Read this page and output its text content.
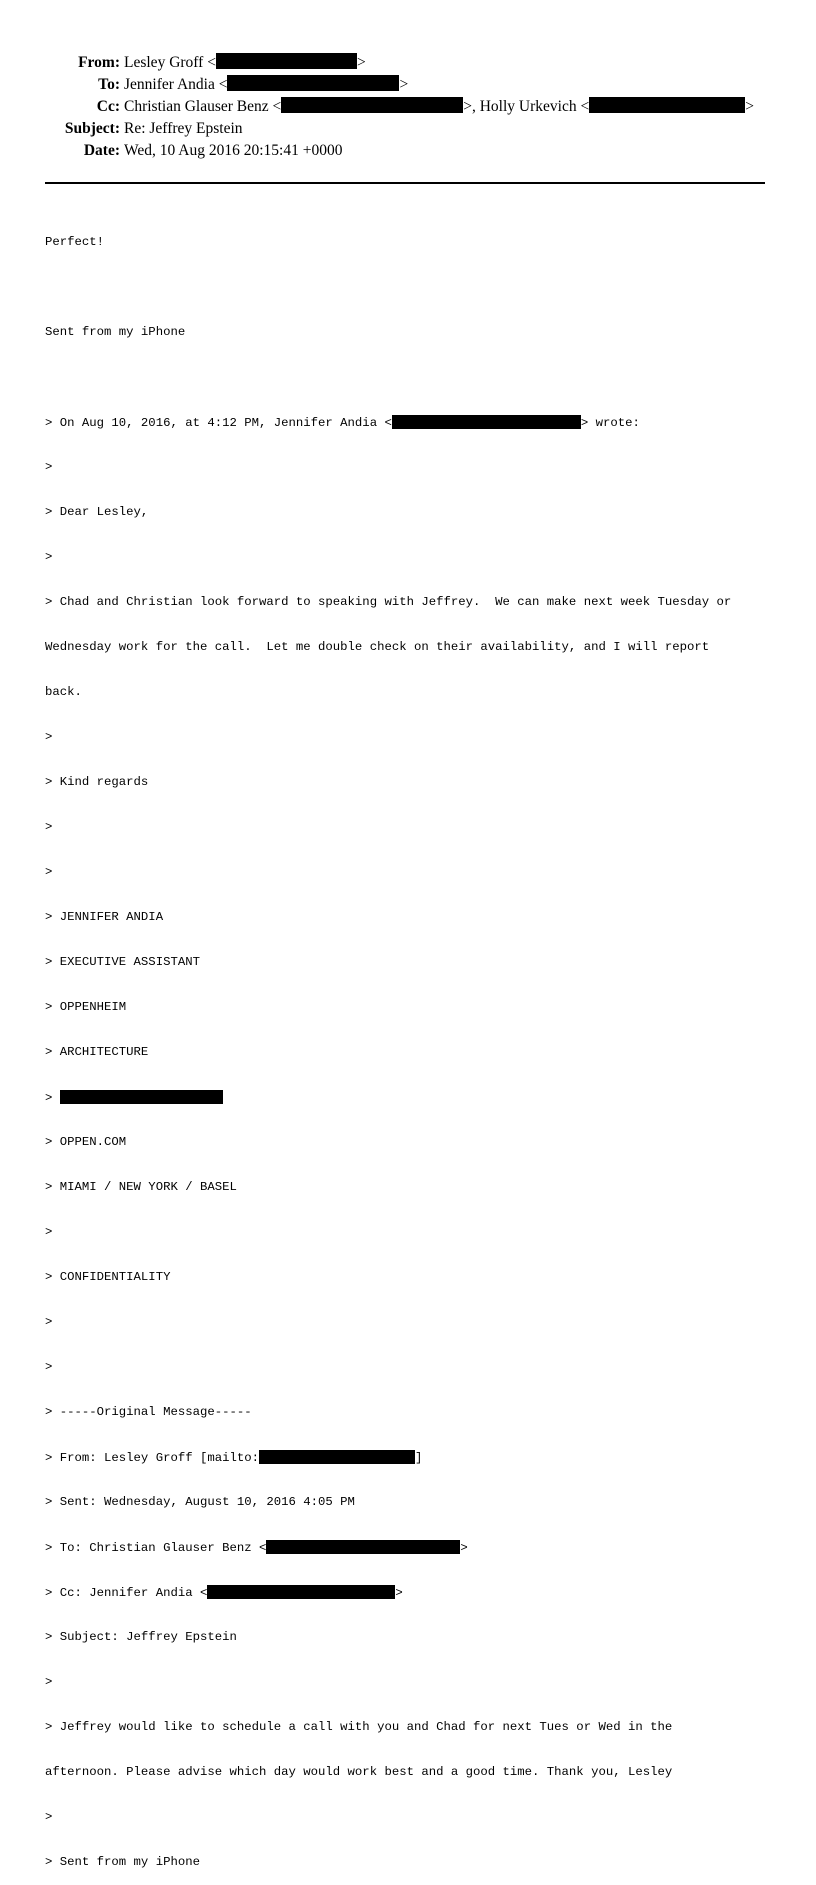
From: Lesley Groff <	>
To: Jennifer Andia <	>
Cc: Christian Glauser Benz <	>, Holly Urkevich <	>
Subject: Re: Jeffrey Epstein
Date: Wed, 10 Aug 2016 20:15:41 +0000

Perfect!

Sent from my iPhone

> On Aug 10, 2016, at 4:12 PM, Jennifer Andia <	> wrote:

>

> Dear Lesley,

>

> Chad and Christian look forward to speaking with Jeffrey.  We can make next week Tuesday or

Wednesday work for the call.  Let me double check on their availability, and I will report

back.

>

> Kind regards

>

>

> JENNIFER ANDIA

> EXECUTIVE ASSISTANT

> OPPENHEIM

> ARCHITECTURE

>

> OPPEN.COM

> MIAMI / NEW YORK / BASEL

>

> CONFIDENTIALITY

>

>

> -----Original Message-----

> From: Lesley Groff [mailto:	]

> Sent: Wednesday, August 10, 2016 4:05 PM

> To: Christian Glauser Benz <	>

> Cc: Jennifer Andia <	>

> Subject: Jeffrey Epstein

>

> Jeffrey would like to schedule a call with you and Chad for next Tues or Wed in the

afternoon. Please advise which day would work best and a good time. Thank you, Lesley

>

> Sent from my iPhone
